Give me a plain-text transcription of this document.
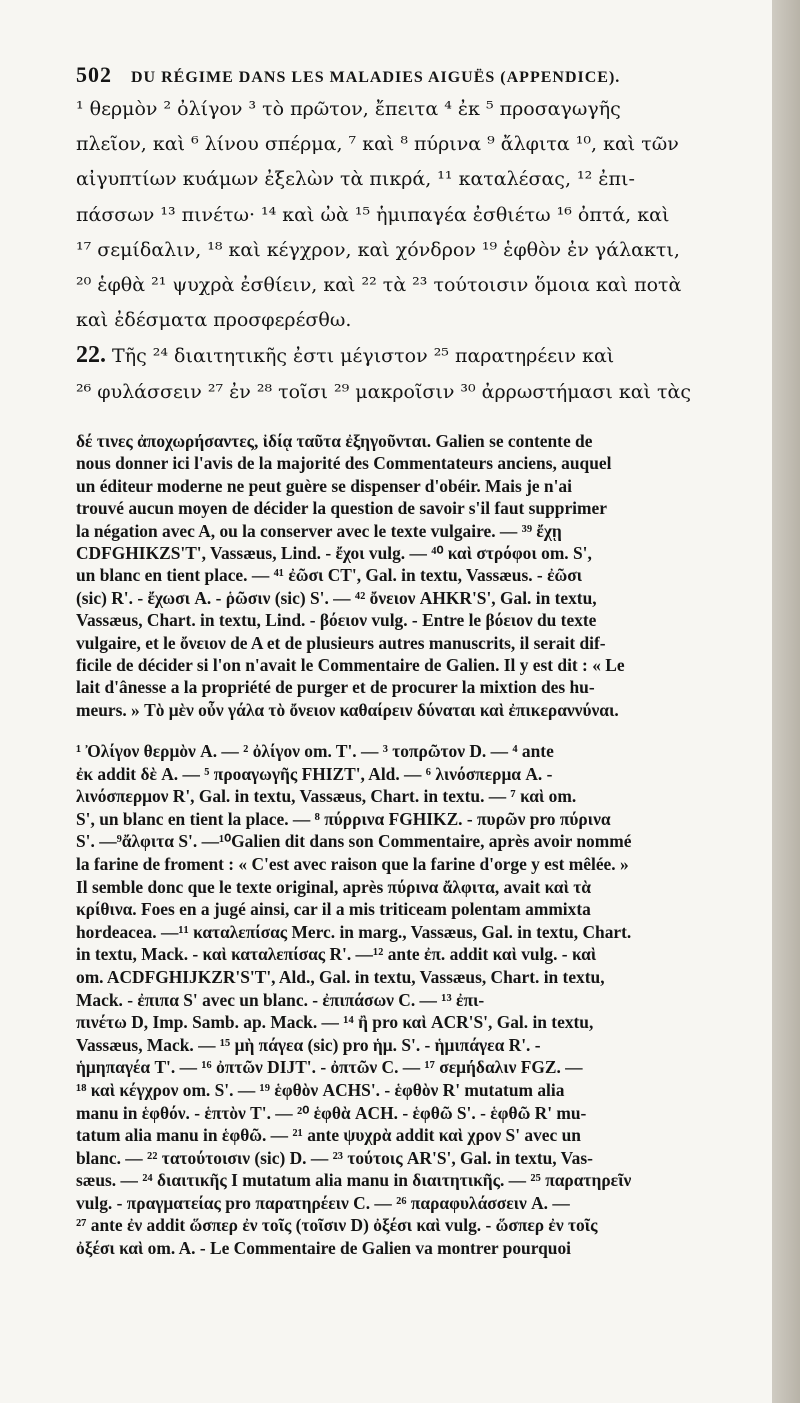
502 DU RÉGIME DANS LES MALADIES AIGUËS (APPENDICE).

¹ θερμὸν ² ὀλίγον ³ τὸ πρῶτον, ἔπειτα ⁴ ἐκ ⁵ προσαγωγῆς

πλεῖον, καὶ ⁶ λίνου σπέρμα, ⁷ καὶ ⁸ πύρινα ⁹ ἄλφιτα ¹⁰, καὶ τῶν

αἰγυπτίων κυάμων ἐξελὼν τὰ πικρά, ¹¹ καταλέσας, ¹² ἐπι-

πάσσων ¹³ πινέτω· ¹⁴ καὶ ὠὰ ¹⁵ ἡμιπαγέα ἐσθιέτω ¹⁶ ὀπτά, καὶ

¹⁷ σεμίδαλιν, ¹⁸ καὶ κέγχρον, καὶ χόνδρον ¹⁹ ἑφθὸν ἐν γάλακτι,

²⁰ ἑφθὰ ²¹ ψυχρὰ ἐσθίειν, καὶ ²² τὰ ²³ τούτοισιν ὅμοια καὶ ποτὰ

καὶ ἐδέσματα προσφερέσθω.

22. Τῆς ²⁴ διαιτητικῆς ἐστι μέγιστον ²⁵ παρατηρέειν καὶ

²⁶ φυλάσσειν ²⁷ ἐν ²⁸ τοῖσι ²⁹ μακροῖσιν ³⁰ ἀρρωστήμασι καὶ τὰς

δέ τινες ἀποχωρήσαντες, ἰδίᾳ ταῦτα ἐξηγοῦνται. Galien se contente de

nous donner ici l'avis de la majorité des Commentateurs anciens, auquel

un éditeur moderne ne peut guère se dispenser d'obéir. Mais je n'ai

trouvé aucun moyen de décider la question de savoir s'il faut supprimer

la négation avec A, ou la conserver avec le texte vulgaire. — ³⁹ ἔχῃ

CDFGHIKZS'T', Vassæus, Lind. - ἔχοι vulg. — ⁴⁰ καὶ στρόφοι om. S',

un blanc en tient place. — ⁴¹ ἐῶσι CT', Gal. in textu, Vassæus. - ἐῶσι

(sic) R'. - ἔχωσι A. - ῥῶσιν (sic) S'. — ⁴² ὄνειον AHKR'S', Gal. in textu,

Vassæus, Chart. in textu, Lind. - βόειον vulg. - Entre le βόειον du texte

vulgaire, et le ὄνειον de A et de plusieurs autres manuscrits, il serait dif-

ficile de décider si l'on n'avait le Commentaire de Galien. Il y est dit : « Le

lait d'ânesse a la propriété de purger et de procurer la mixtion des hu-

meurs. » Τὸ μὲν οὖν γάλα τὸ ὄνειον καθαίρειν δύναται καὶ ἐπικεραννύναι.

¹ Ὀλίγον θερμὸν A. — ² ὀλίγον om. T'. — ³ τοπρῶτον D. — ⁴ ante

ἐκ addit δὲ A. — ⁵ προαγωγῆς FHIZT', Ald. — ⁶ λινόσπερμα A. -

λινόσπερμον R', Gal. in textu, Vassæus, Chart. in textu. — ⁷ καὶ om.

S', un blanc en tient la place. — ⁸ πύρρινα FGHIKZ. - πυρῶν pro πύρινα

S'. —⁹ἄλφιτα S'. —¹⁰Galien dit dans son Commentaire, après avoir nommé

la farine de froment : « C'est avec raison que la farine d'orge y est mêlée. »

Il semble donc que le texte original, après πύρινα ἄλφιτα, avait καὶ τὰ

κρίθινα. Foes en a jugé ainsi, car il a mis triticeam polentam ammixta

hordeacea. —¹¹ καταλεπίσας Merc. in marg., Vassæus, Gal. in textu, Chart.

in textu, Mack. - καὶ καταλεπίσας R'. —¹² ante ἐπ. addit καὶ vulg. - καὶ

om. ACDFGHIJKZR'S'T', Ald., Gal. in textu, Vassæus, Chart. in textu,

Mack. - ἐπιπα S' avec un blanc. - ἐπιπάσων C. — ¹³ ἐπι-

πινέτω D, Imp. Samb. ap. Mack. — ¹⁴ ἢ pro καὶ ACR'S', Gal. in textu,

Vassæus, Mack. — ¹⁵ μὴ πάγεα (sic) pro ἡμ. S'. - ἡμιπάγεα R'. -

ἡμηπαγέα T'. — ¹⁶ ὀπτῶν DIJT'. - ὀπτῶν C. — ¹⁷ σεμήδαλιν FGZ. —

¹⁸ καὶ κέγχρον om. S'. — ¹⁹ ἑφθὸν ACHS'. - ἑφθὸν R' mutatum alia

manu in ἑφθόν. - ἑπτὸν T'. — ²⁰ ἑφθὰ ACH. - ἑφθῶ S'. - ἑφθῶ R' mu-

tatum alia manu in ἑφθῶ. — ²¹ ante ψυχρὰ addit καὶ χρον S' avec un

blanc. — ²² τατούτοισιν (sic) D. — ²³ τούτοις AR'S', Gal. in textu, Vas-

sæus. — ²⁴ διαιτικῆς I mutatum alia manu in διαιτητικῆς. — ²⁵ παρατηρεῖν

vulg. - πραγματείας pro παρατηρέειν C. — ²⁶ παραφυλάσσειν A. —

²⁷ ante ἐν addit ὥσπερ ἐν τοῖς (τοῖσιν D) ὀξέσι καὶ vulg. - ὥσπερ ἐν τοῖς

ὀξέσι καὶ om. A. - Le Commentaire de Galien va montrer pourquoi
